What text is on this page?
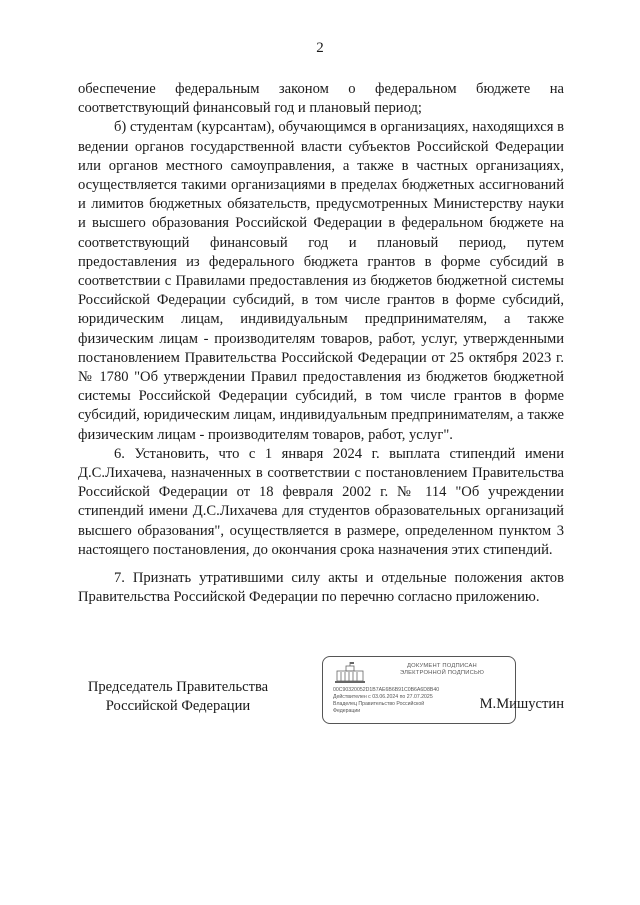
2

обеспечение федеральным законом о федеральном бюджете на соответствующий финансовый год и плановый период;

б) студентам (курсантам), обучающимся в организациях, находящихся в ведении органов государственной власти субъектов Российской Федерации или органов местного самоуправления, а также в частных организациях, осуществляется такими организациями в пределах бюджетных ассигнований и лимитов бюджетных обязательств, предусмотренных Министерству науки и высшего образования Российской Федерации в федеральном бюджете на соответствующий финансовый год и плановый период, путем предоставления из федерального бюджета грантов в форме субсидий в соответствии с Правилами предоставления из бюджетов бюджетной системы Российской Федерации субсидий, в том числе грантов в форме субсидий, юридическим лицам, индивидуальным предпринимателям, а также физическим лицам - производителям товаров, работ, услуг, утвержденными постановлением Правительства Российской Федерации от 25 октября 2023 г. № 1780 "Об утверждении Правил предоставления из бюджетов бюджетной системы Российской Федерации субсидий, в том числе грантов в форме субсидий, юридическим лицам, индивидуальным предпринимателям, а также физическим лицам - производителям товаров, работ, услуг".

6. Установить, что с 1 января 2024 г. выплата стипендий имени Д.С.Лихачева, назначенных в соответствии с постановлением Правительства Российской Федерации от 18 февраля 2002 г. № 114 "Об учреждении стипендий имени Д.С.Лихачева для студентов образовательных организаций высшего образования", осуществляется в размере, определенном пунктом 3 настоящего постановления, до окончания срока назначения этих стипендий.

7. Признать утратившими силу акты и отдельные положения актов Правительства Российской Федерации по перечню согласно приложению.

Председатель Правительства
Российской Федерации
ДОКУМЕНТ ПОДПИСАН
ЭЛЕКТРОННОЙ ПОДПИСЬЮ
00C90320052D1B7AE6B6B91C0B6A6D8B40
Действителен с 03.06.2024 по 27.07.2025
Владелец Правительство Российской
Федерации	М.Мишустин
